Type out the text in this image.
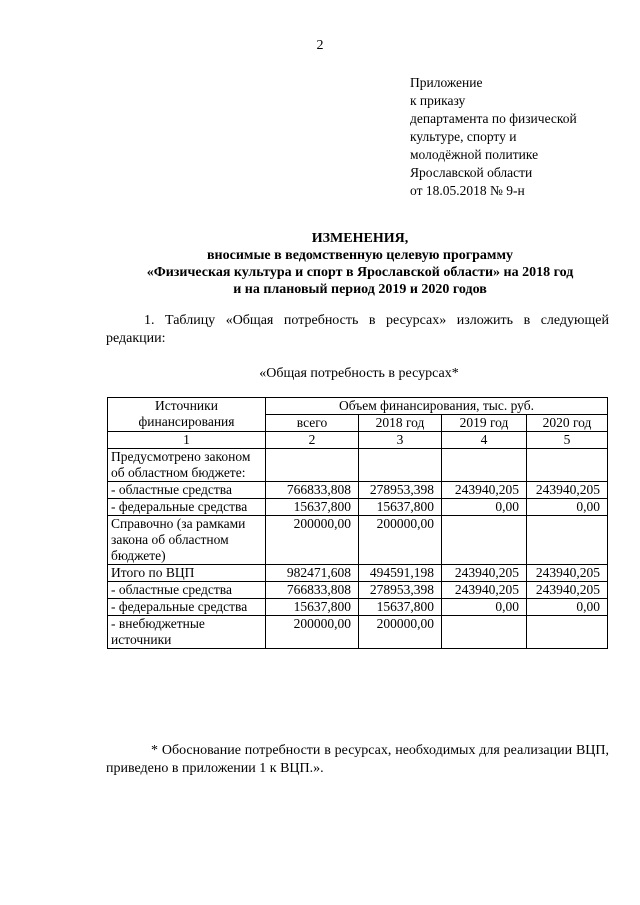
2
Приложение
к приказу
департамента по физической
культуре, спорту и
молодёжной политике
Ярославской области
от 18.05.2018 № 9-н
ИЗМЕНЕНИЯ,
вносимые в ведомственную целевую программу
«Физическая культура и спорт в Ярославской области» на 2018 год
и на плановый период 2019 и 2020 годов
1. Таблицу «Общая потребность в ресурсах» изложить в следующей редакции:
«Общая потребность в ресурсах*
Источники финансирования	Объем финансирования, тыс. руб.			
	всего	2018 год	2019 год	2020 год
1	2	3	4	5
Предусмотрено законом об областном бюджете:				
- областные средства	766833,808	278953,398	243940,205	243940,205
- федеральные средства	15637,800	15637,800	0,00	0,00
Справочно (за рамками закона об областном бюджете)	200000,00	200000,00		
Итого по ВЦП	982471,608	494591,198	243940,205	243940,205
- областные средства	766833,808	278953,398	243940,205	243940,205
- федеральные средства	15637,800	15637,800	0,00	0,00
- внебюджетные источники	200000,00	200000,00		
* Обоснование потребности в ресурсах, необходимых для реализации ВЦП, приведено в приложении 1 к ВЦП.».
